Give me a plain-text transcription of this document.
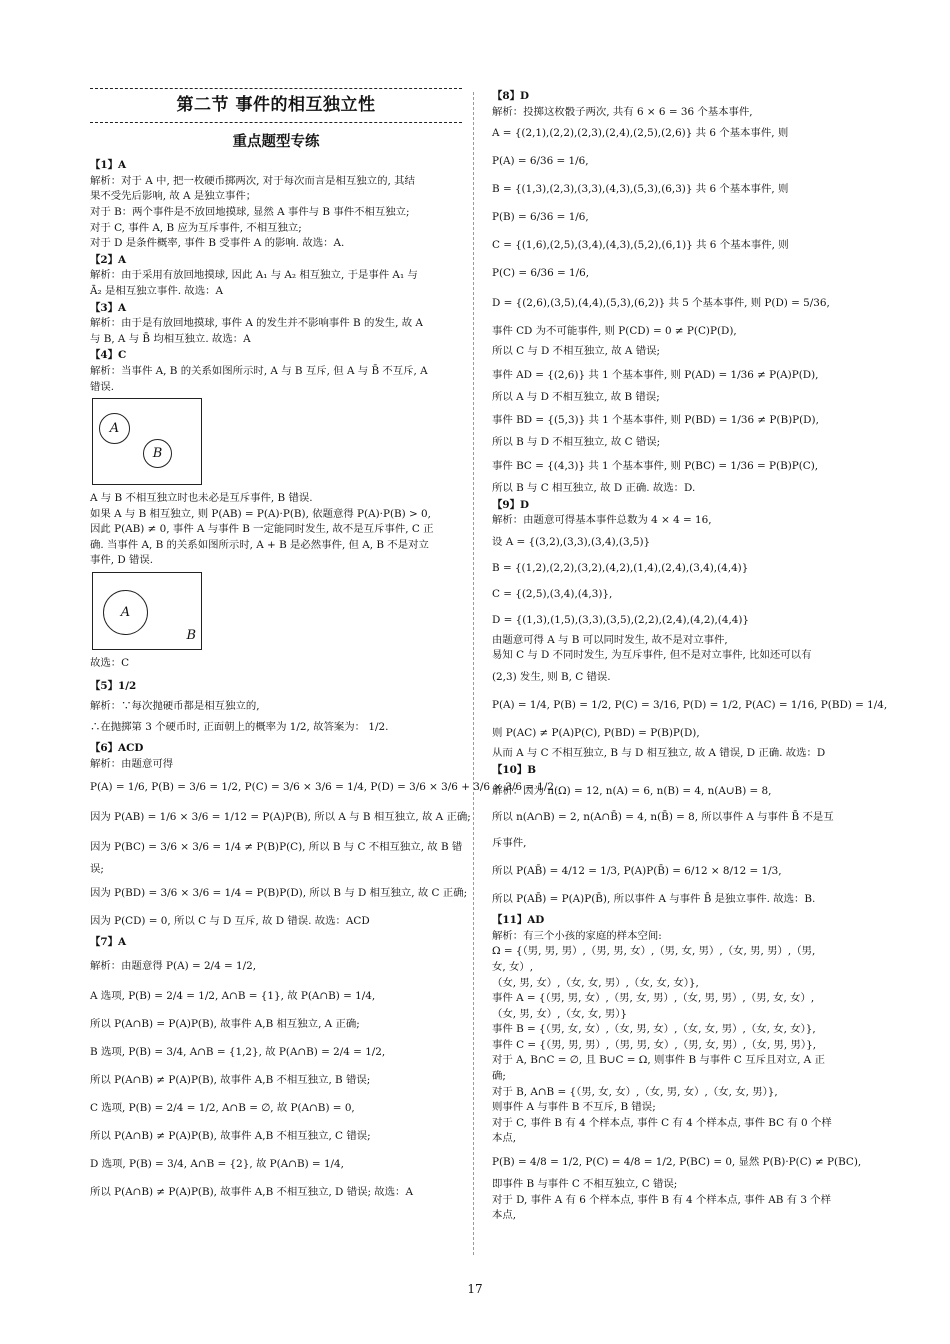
第二节 事件的相互独立性
重点题型专练
【1】A
解析：对于 A 中, 把一枚硬币掷两次, 对于每次而言是相互独立的, 其结
果不受先后影响, 故 A 是独立事件；
对于 B：两个事件是不放回地摸球, 显然 A 事件与 B 事件不相互独立;
对于 C, 事件 A, B 应为互斥事件, 不相互独立;
对于 D 是条件概率, 事件 B 受事件 A 的影响. 故选：A.
【2】A
解析：由于采用有放回地摸球, 因此 A₁ 与 A₂ 相互独立, 于是事件 A₁ 与
Ā₂ 是相互独立事件. 故选：A
【3】A
解析：由于是有放回地摸球, 事件 A 的发生并不影响事件 B 的发生, 故 A
与 B, A 与 B̄ 均相互独立. 故选：A
【4】C
解析：当事件 A, B 的关系如图所示时, A 与 B 互斥, 但 A 与 B̄ 不互斥, A
错误.
A
B
A 与 B 不相互独立时也未必是互斥事件, B 错误.
如果 A 与 B 相互独立, 则 P(AB) = P(A)·P(B), 依题意得 P(A)·P(B) > 0,
因此 P(AB) ≠ 0, 事件 A 与事件 B 一定能同时发生, 故不是互斥事件, C 正
确. 当事件 A, B 的关系如图所示时, A + B 是必然事件, 但 A, B 不是对立
事件, D 错误.
A
B
故选：C
【5】1/2
解析：∵每次抛硬币都是相互独立的,
∴在抛掷第 3 个硬币时, 正面朝上的概率为 1/2, 故答案为： 1/2.
【6】ACD
解析：由题意可得
P(A) = 1/6, P(B) = 3/6 = 1/2, P(C) = 3/6 × 3/6 = 1/4, P(D) = 3/6 × 3/6 + 3/6 × 3/6 = 1/2.
因为 P(AB) = 1/6 × 3/6 = 1/12 = P(A)P(B), 所以 A 与 B 相互独立, 故 A 正确;
因为 P(BC) = 3/6 × 3/6 = 1/4 ≠ P(B)P(C), 所以 B 与 C 不相互独立, 故 B 错
误;
因为 P(BD) = 3/6 × 3/6 = 1/4 = P(B)P(D), 所以 B 与 D 相互独立, 故 C 正确;
因为 P(CD) = 0, 所以 C 与 D 互斥, 故 D 错误. 故选：ACD
【7】A
解析：由题意得 P(A) = 2/4 = 1/2,
A 选项, P(B) = 2/4 = 1/2, A∩B = {1}, 故 P(A∩B) = 1/4,
所以 P(A∩B) = P(A)P(B), 故事件 A,B 相互独立, A 正确;
B 选项, P(B) = 3/4, A∩B = {1,2}, 故 P(A∩B) = 2/4 = 1/2,
所以 P(A∩B) ≠ P(A)P(B), 故事件 A,B 不相互独立, B 错误;
C 选项, P(B) = 2/4 = 1/2, A∩B = ∅, 故 P(A∩B) = 0,
所以 P(A∩B) ≠ P(A)P(B), 故事件 A,B 不相互独立, C 错误;
D 选项, P(B) = 3/4, A∩B = {2}, 故 P(A∩B) = 1/4,
所以 P(A∩B) ≠ P(A)P(B), 故事件 A,B 不相互独立, D 错误; 故选：A
【8】D
解析：投掷这枚骰子两次, 共有 6 × 6 = 36 个基本事件,
A = {(2,1),(2,2),(2,3),(2,4),(2,5),(2,6)} 共 6 个基本事件, 则
P(A) = 6/36 = 1/6,
B = {(1,3),(2,3),(3,3),(4,3),(5,3),(6,3)} 共 6 个基本事件, 则
P(B) = 6/36 = 1/6,
C = {(1,6),(2,5),(3,4),(4,3),(5,2),(6,1)} 共 6 个基本事件, 则
P(C) = 6/36 = 1/6,
D = {(2,6),(3,5),(4,4),(5,3),(6,2)} 共 5 个基本事件, 则 P(D) = 5/36,
事件 CD 为不可能事件, 则 P(CD) = 0 ≠ P(C)P(D),
所以 C 与 D 不相互独立, 故 A 错误;
事件 AD = {(2,6)} 共 1 个基本事件, 则 P(AD) = 1/36 ≠ P(A)P(D),
所以 A 与 D 不相互独立, 故 B 错误;
事件 BD = {(5,3)} 共 1 个基本事件, 则 P(BD) = 1/36 ≠ P(B)P(D),
所以 B 与 D 不相互独立, 故 C 错误;
事件 BC = {(4,3)} 共 1 个基本事件, 则 P(BC) = 1/36 = P(B)P(C),
所以 B 与 C 相互独立, 故 D 正确. 故选：D.
【9】D
解析：由题意可得基本事件总数为 4 × 4 = 16,
设 A = {(3,2),(3,3),(3,4),(3,5)}
B = {(1,2),(2,2),(3,2),(4,2),(1,4),(2,4),(3,4),(4,4)}
C = {(2,5),(3,4),(4,3)},
D = {(1,3),(1,5),(3,3),(3,5),(2,2),(2,4),(4,2),(4,4)}
由题意可得 A 与 B 可以同时发生, 故不是对立事件,
易知 C 与 D 不同时发生, 为互斥事件, 但不是对立事件, 比如还可以有
(2,3) 发生, 则 B, C 错误.
P(A) = 1/4, P(B) = 1/2, P(C) = 3/16, P(D) = 1/2, P(AC) = 1/16, P(BD) = 1/4,
则 P(AC) ≠ P(A)P(C), P(BD) = P(B)P(D),
从而 A 与 C 不相互独立, B 与 D 相互独立, 故 A 错误, D 正确. 故选：D
【10】B
解析：因为 n(Ω) = 12, n(A) = 6, n(B) = 4, n(A∪B) = 8,
所以 n(A∩B) = 2, n(A∩B̄) = 4, n(B̄) = 8, 所以事件 A 与事件 B̄ 不是互
斥事件,
所以 P(AB̄) = 4/12 = 1/3, P(A)P(B̄) = 6/12 × 8/12 = 1/3,
所以 P(AB̄) = P(A)P(B̄), 所以事件 A 与事件 B̄ 是独立事件. 故选：B.
【11】AD
解析：有三个小孩的家庭的样本空间:
Ω = {（男, 男, 男）,（男, 男, 女）,（男, 女, 男）,（女, 男, 男）,（男,
女, 女）,
（女, 男, 女）,（女, 女, 男）,（女, 女, 女）},
事件 A = {（男, 男, 女）,（男, 女, 男）,（女, 男, 男）,（男, 女, 女）,
（女, 男, 女）,（女, 女, 男）}
事件 B = {（男, 女, 女）,（女, 男, 女）,（女, 女, 男）,（女, 女, 女）},
事件 C = {（男, 男, 男）,（男, 男, 女）,（男, 女, 男）,（女, 男, 男）},
对于 A, B∩C = ∅, 且 B∪C = Ω, 则事件 B 与事件 C 互斥且对立, A 正
确;
对于 B, A∩B = {（男, 女, 女）,（女, 男, 女）,（女, 女, 男）},
则事件 A 与事件 B 不互斥, B 错误;
对于 C, 事件 B 有 4 个样本点, 事件 C 有 4 个样本点, 事件 BC 有 0 个样
本点,
P(B) = 4/8 = 1/2, P(C) = 4/8 = 1/2, P(BC) = 0, 显然 P(B)·P(C) ≠ P(BC),
即事件 B 与事件 C 不相互独立, C 错误;
对于 D, 事件 A 有 6 个样本点, 事件 B 有 4 个样本点, 事件 AB 有 3 个样
本点,
17
